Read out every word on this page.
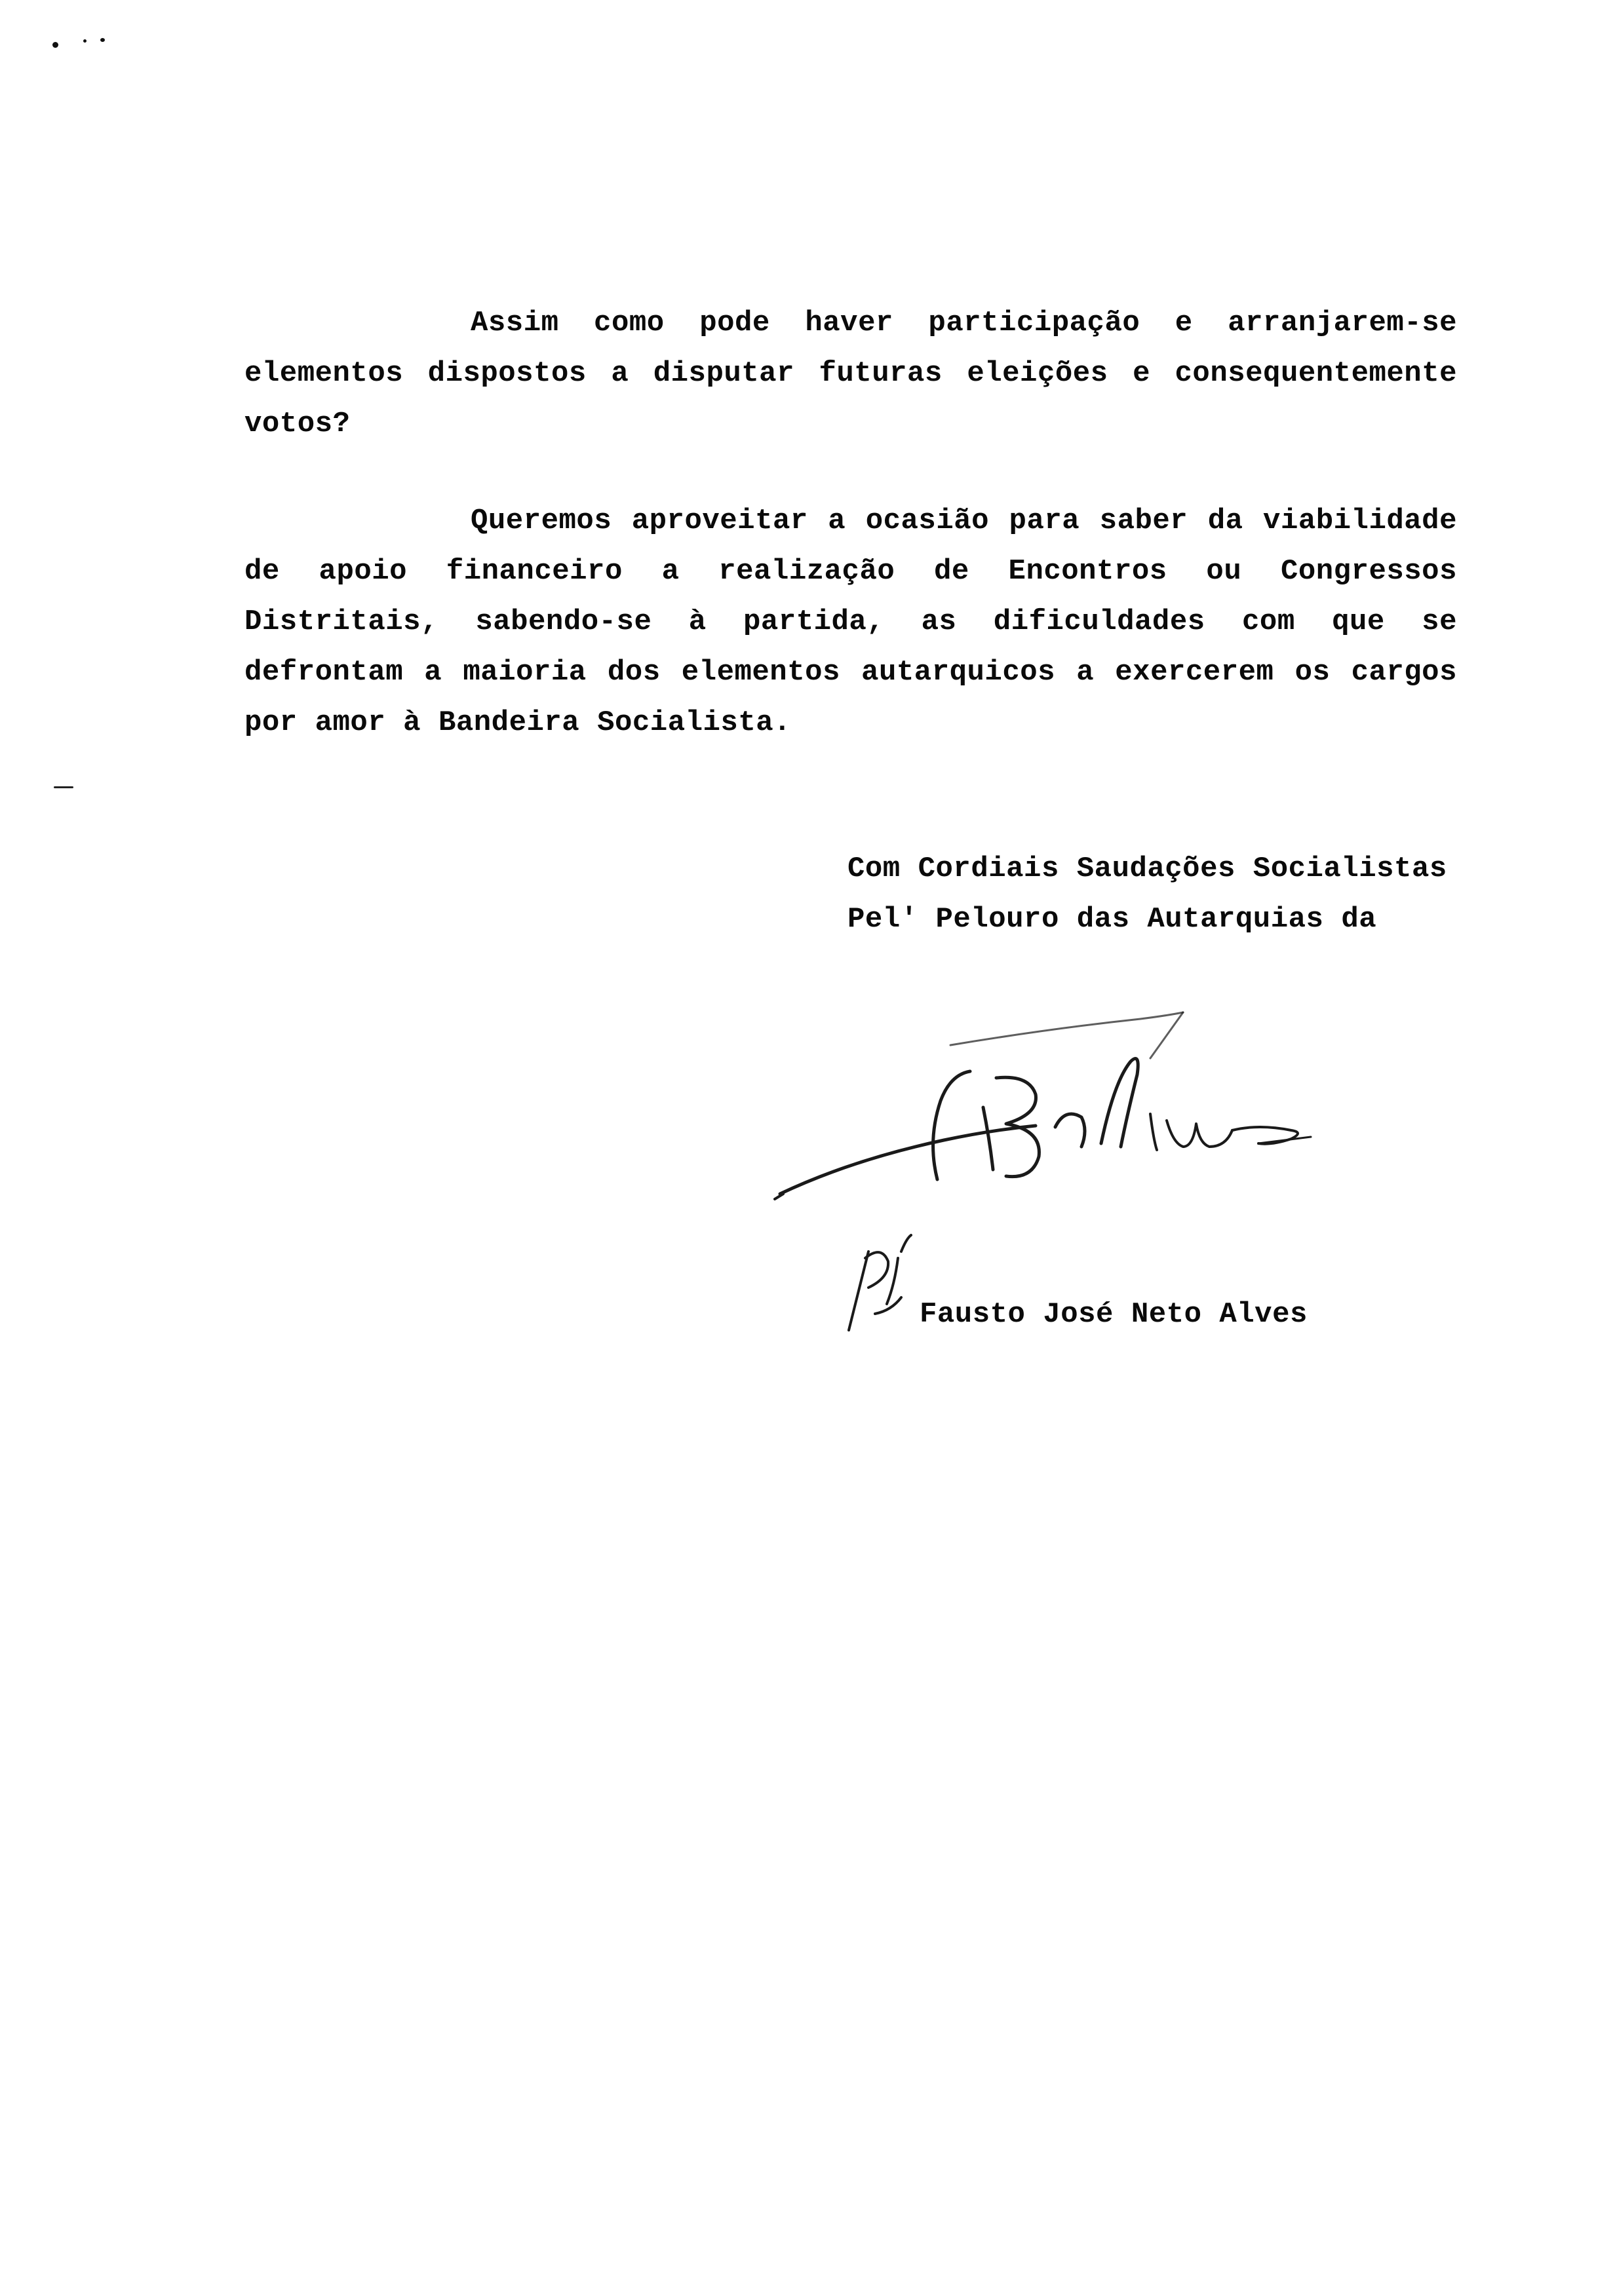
Assim como pode haver participação e arranjarem-se elementos dispostos a disputar futuras eleições e consequentemente votos?

Queremos aproveitar a ocasião para saber da viabilidade de apoio financeiro a realização de Encontros ou Congressos Distritais, sabendo-se à partida, as dificuldades com que se defrontam a maioria dos elementos autarquicos a exercerem os cargos por amor à Bandeira Socialista.

Com Cordiais Saudações Socialistas

Pel' Pelouro das Autarquias da

Fausto José Neto Alves
